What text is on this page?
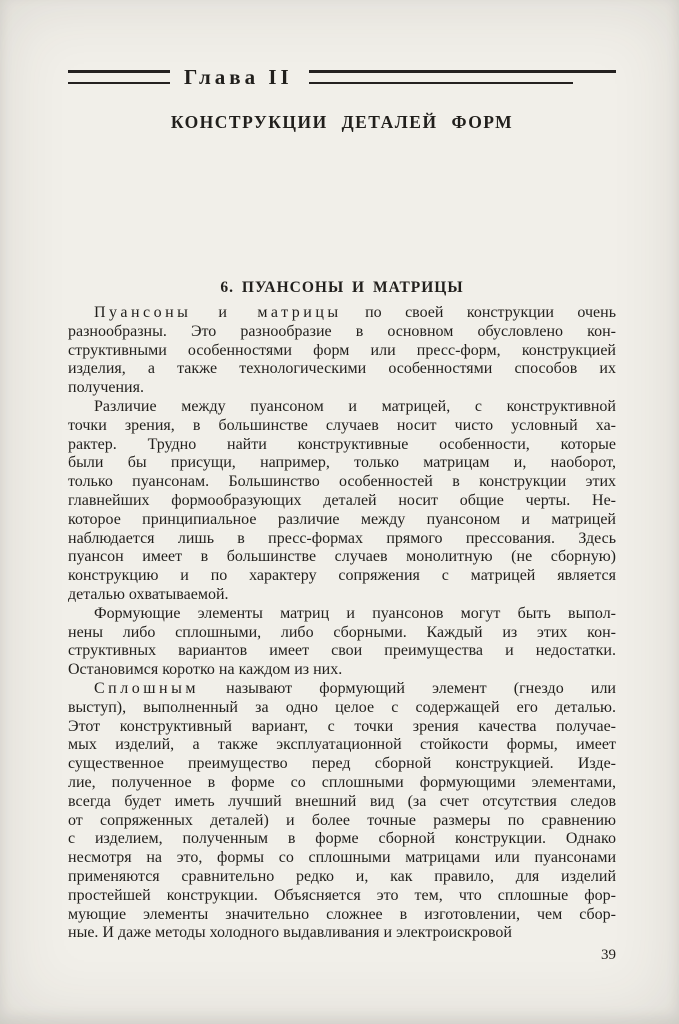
Глава II
КОНСТРУКЦИИ ДЕТАЛЕЙ ФОРМ
6. ПУАНСОНЫ И МАТРИЦЫ
Пуансоны и матрицы по своей конструкции очень
разнообразны. Это разнообразие в основном обусловлено кон-
структивными особенностями форм или пресс-форм, конструкцией
изделия, а также технологическими особенностями способов их
получения.
Различие между пуансоном и матрицей, с конструктивной
точки зрения, в большинстве случаев носит чисто условный ха-
рактер. Трудно найти конструктивные особенности, которые
были бы присущи, например, только матрицам и, наоборот,
только пуансонам. Большинство особенностей в конструкции этих
главнейших формообразующих деталей носит общие черты. Не-
которое принципиальное различие между пуансоном и матрицей
наблюдается лишь в пресс-формах прямого прессования. Здесь
пуансон имеет в большинстве случаев монолитную (не сборную)
конструкцию и по характеру сопряжения с матрицей является
деталью охватываемой.
Формующие элементы матриц и пуансонов могут быть выпол-
нены либо сплошными, либо сборными. Каждый из этих кон-
структивных вариантов имеет свои преимущества и недостатки.
Остановимся коротко на каждом из них.
Сплошным называют формующий элемент (гнездо или
выступ), выполненный за одно целое с содержащей его деталью.
Этот конструктивный вариант, с точки зрения качества получае-
мых изделий, а также эксплуатационной стойкости формы, имеет
существенное преимущество перед сборной конструкцией. Изде-
лие, полученное в форме со сплошными формующими элементами,
всегда будет иметь лучший внешний вид (за счет отсутствия следов
от сопряженных деталей) и более точные размеры по сравнению
с изделием, полученным в форме сборной конструкции. Однако
несмотря на это, формы со сплошными матрицами или пуансонами
применяются сравнительно редко и, как правило, для изделий
простейшей конструкции. Объясняется это тем, что сплошные фор-
мующие элементы значительно сложнее в изготовлении, чем сбор-
ные. И даже методы холодного выдавливания и электроискровой
39
